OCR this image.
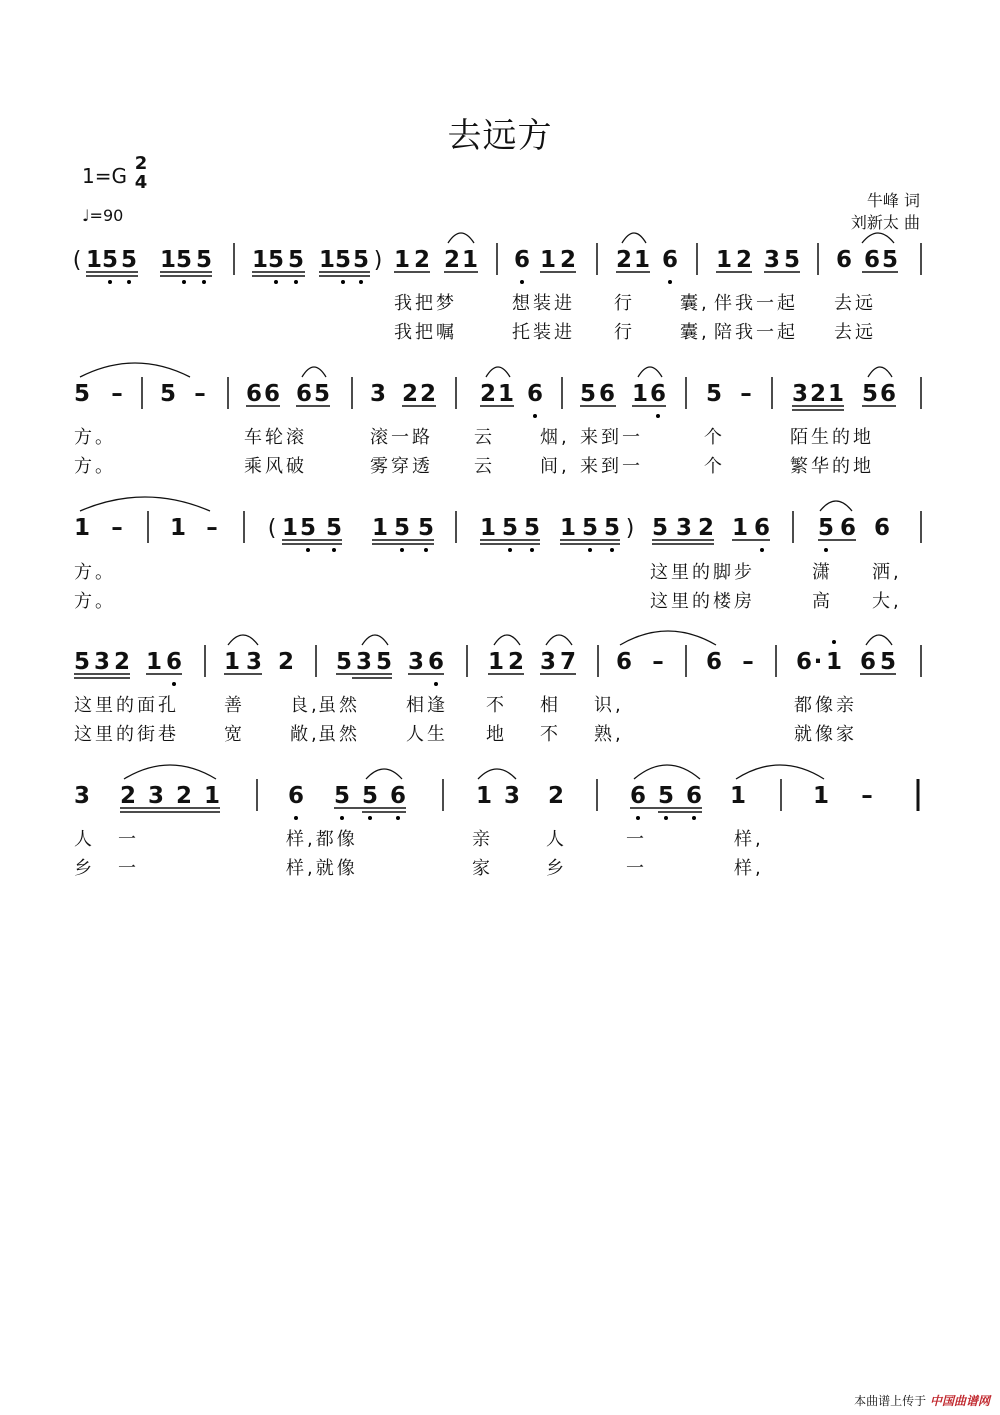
去远方
1=G
2
4
♩=90
牛峰 词
刘新太 曲
( 1 5 5 1 5 5 1 5 5 1 5 5 ) 1 2 2 1 6 1 2 2 1 6 1 2 3 5 6 6 5
我把梦	想装进 行	囊, 伴我一起 去远
我把嘱	托装进 行	囊, 陪我一起 去远
5 – 5 – 6 6 6 5 3 2 2 2 1 6 5 6 1 6 5 – 3 2 1 5 6
方。	车轮滚	滚一路 云	烟, 来到一	个	陌生的地
方。	乘风破	雾穿透 云	间, 来到一	个	繁华的地
1 – 1 – ( 1 5 5 1 5 5 1 5 5 1 5 5 ) 5 3 2 1 6 5 6 6
方。	这里的脚步	潇 洒,
方。	这里的楼房	高 大,
5 3 2 1 6 1 3 2 5 3 5 3 6 1 2 3 7 6 – 6 – 6 · 1 6 5
这里的面孔	善	良,
虽然	相逢 不 相 识,	都像亲
这里的街巷	宽	敞,
虽然	人生 地 不 熟,	就像家
3 2 3 2 1	6 5 5 6	1 3 2	6 5 6 1	1 –
人 一	样,都像	亲	人	一	样,
乡 一	样,就像	家	乡	一	样,
本曲谱上传于 中国曲谱网
